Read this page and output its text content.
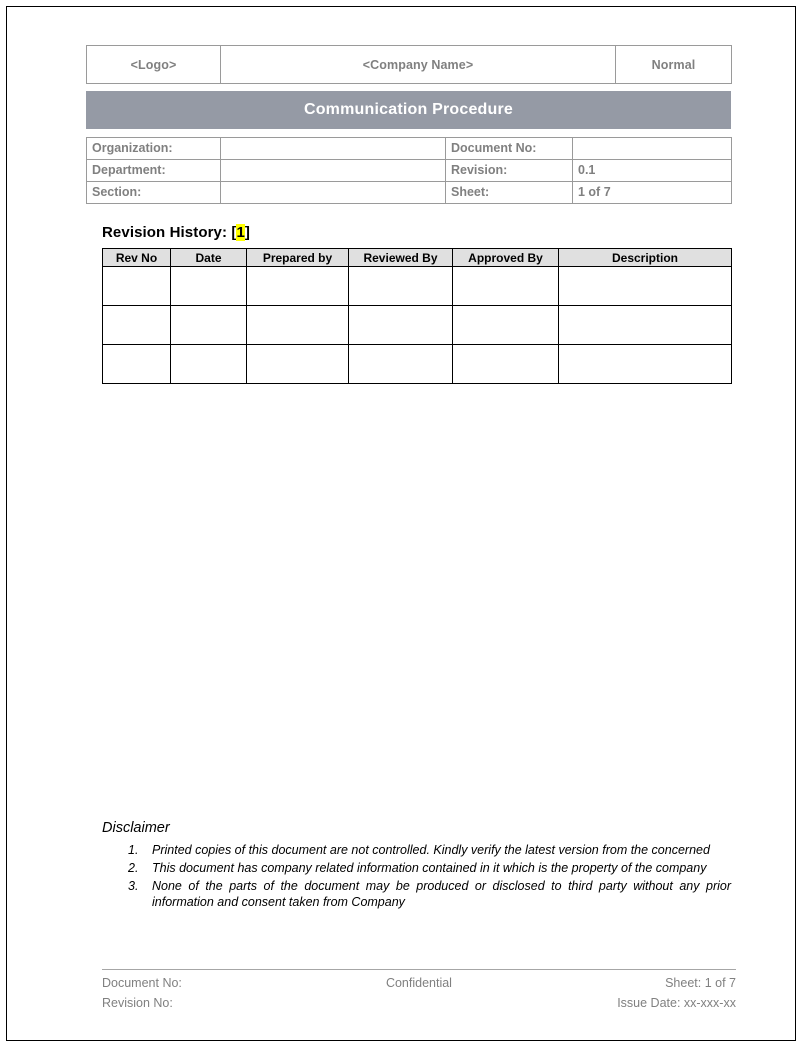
<Logo>	<Company Name>	Normal
Communication Procedure
Organization:		Document No:	
Department:		Revision:	0.1
Section:		Sheet:	1 of 7
Revision History: [1]
Rev No	Date	Prepared by	Reviewed By	Approved By	Description

Disclaimer
1. Printed copies of this document are not controlled. Kindly verify the latest version from the concerned
2. This document has company related information contained in it which is the property of the company
3. None of the parts of the document may be produced or disclosed to third party without any prior information and consent taken from Company
Document No:	Confidential	Sheet: 1 of 7
Revision No:	Issue Date: xx-xxx-xx
